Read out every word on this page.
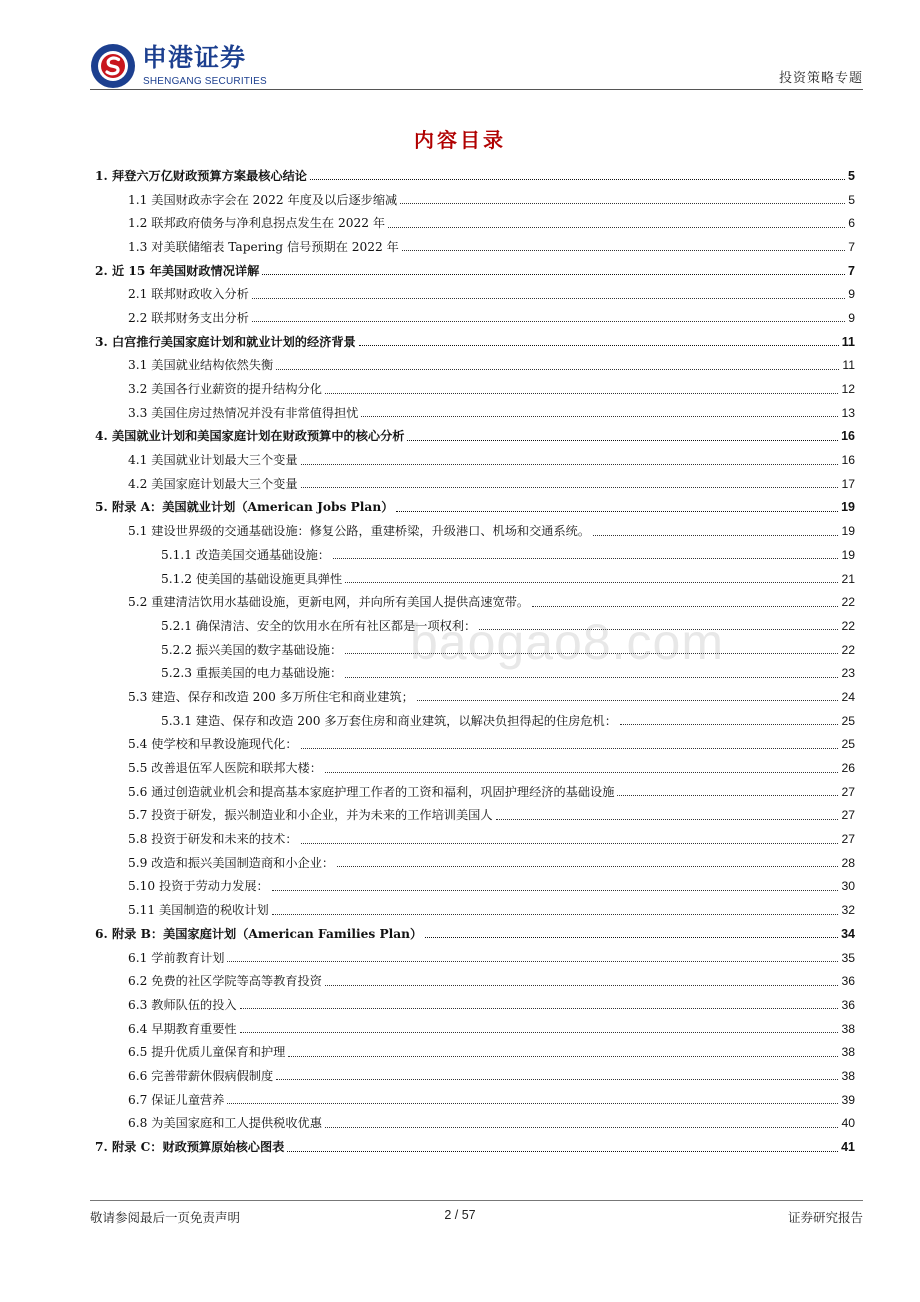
申港证券
SHENGANG SECURITIES	投资策略专题
内容目录
1. 拜登六万亿财政预算方案最核心结论	5
1.1 美国财政赤字会在 2022 年度及以后逐步缩减	5
1.2 联邦政府债务与净利息拐点发生在 2022 年	6
1.3 对美联储缩表 Tapering 信号预期在 2022 年	7
2. 近 15 年美国财政情况详解	7
2.1 联邦财政收入分析	9
2.2 联邦财务支出分析	9
3. 白宫推行美国家庭计划和就业计划的经济背景	11
3.1 美国就业结构依然失衡	11
3.2 美国各行业薪资的提升结构分化	12
3.3 美国住房过热情况并没有非常值得担忧	13
4. 美国就业计划和美国家庭计划在财政预算中的核心分析	16
4.1 美国就业计划最大三个变量	16
4.2 美国家庭计划最大三个变量	17
5. 附录 A：美国就业计划（American Jobs Plan）	19
5.1 建设世界级的交通基础设施：修复公路，重建桥梁，升级港口、机场和交通系统。	19
5.1.1 改造美国交通基础设施：	19
5.1.2 使美国的基础设施更具弹性	21
5.2 重建清洁饮用水基础设施，更新电网，并向所有美国人提供高速宽带。	22
5.2.1 确保清洁、安全的饮用水在所有社区都是一项权利：	22
5.2.2 振兴美国的数字基础设施：	22
5.2.3 重振美国的电力基础设施：	23
5.3 建造、保存和改造 200 多万所住宅和商业建筑；	24
5.3.1 建造、保存和改造 200 多万套住房和商业建筑，以解决负担得起的住房危机：	25
5.4 使学校和早教设施现代化：	25
5.5 改善退伍军人医院和联邦大楼：	26
5.6 通过创造就业机会和提高基本家庭护理工作者的工资和福利，巩固护理经济的基础设施	27
5.7 投资于研发，振兴制造业和小企业，并为未来的工作培训美国人	27
5.8 投资于研发和未来的技术：	27
5.9 改造和振兴美国制造商和小企业：	28
5.10 投资于劳动力发展：	30
5.11 美国制造的税收计划	32
6. 附录 B：美国家庭计划（American Families Plan）	34
6.1 学前教育计划	35
6.2 免费的社区学院等高等教育投资	36
6.3 教师队伍的投入	36
6.4 早期教育重要性	38
6.5 提升优质儿童保育和护理	38
6.6 完善带薪休假病假制度	38
6.7 保证儿童营养	39
6.8 为美国家庭和工人提供税收优惠	40
7. 附录 C：财政预算原始核心图表	41
baogao8.com
敬请参阅最后一页免责声明	2 / 57	证券研究报告
